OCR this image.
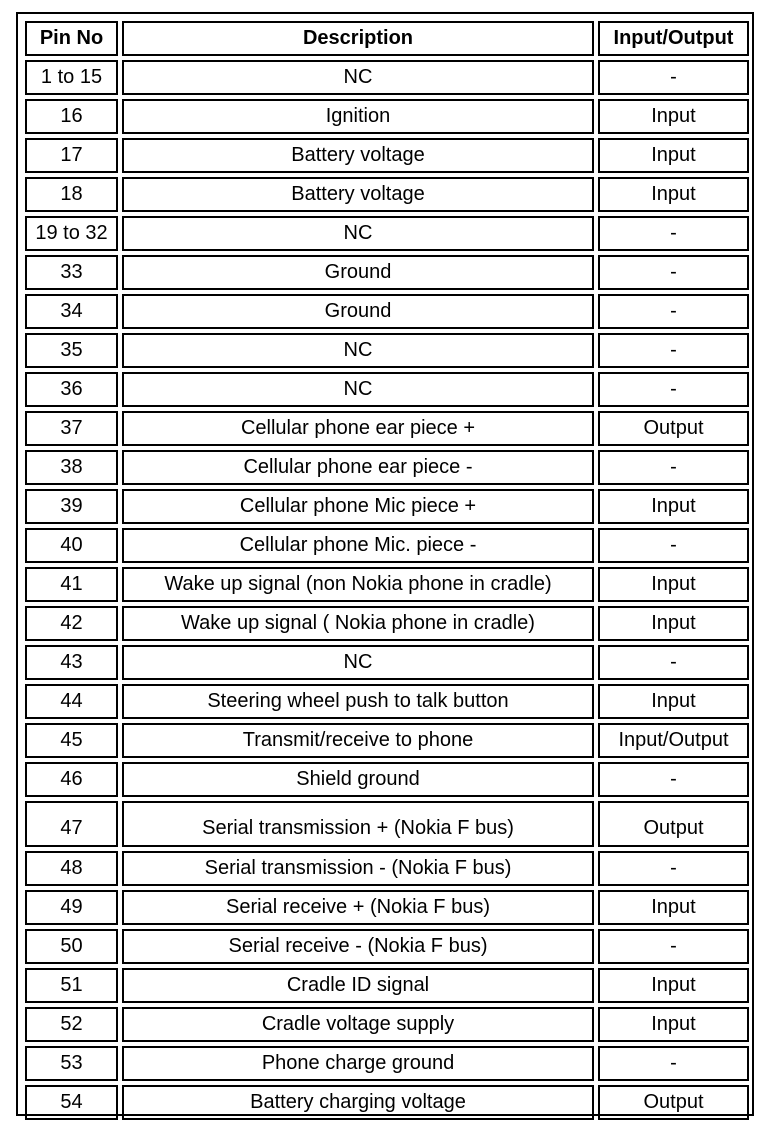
Pin No	Description	Input/Output
1 to 15	NC	-
16	Ignition	Input
17	Battery voltage	Input
18	Battery voltage	Input
19 to 32	NC	-
33	Ground	-
34	Ground	-
35	NC	-
36	NC	-
37	Cellular phone ear piece +	Output
38	Cellular phone ear piece -	-
39	Cellular phone Mic piece +	Input
40	Cellular phone Mic. piece -	-
41	Wake up signal (non Nokia phone in cradle)	Input
42	Wake up signal ( Nokia phone in cradle)	Input
43	NC	-
44	Steering wheel push to talk button	Input
45	Transmit/receive to phone	Input/Output
46	Shield ground	-
47	Serial transmission + (Nokia F bus)	Output
48	Serial transmission - (Nokia F bus)	-
49	Serial receive + (Nokia F bus)	Input
50	Serial receive - (Nokia F bus)	-
51	Cradle ID signal	Input
52	Cradle voltage supply	Input
53	Phone charge ground	-
54	Battery charging voltage	Output
